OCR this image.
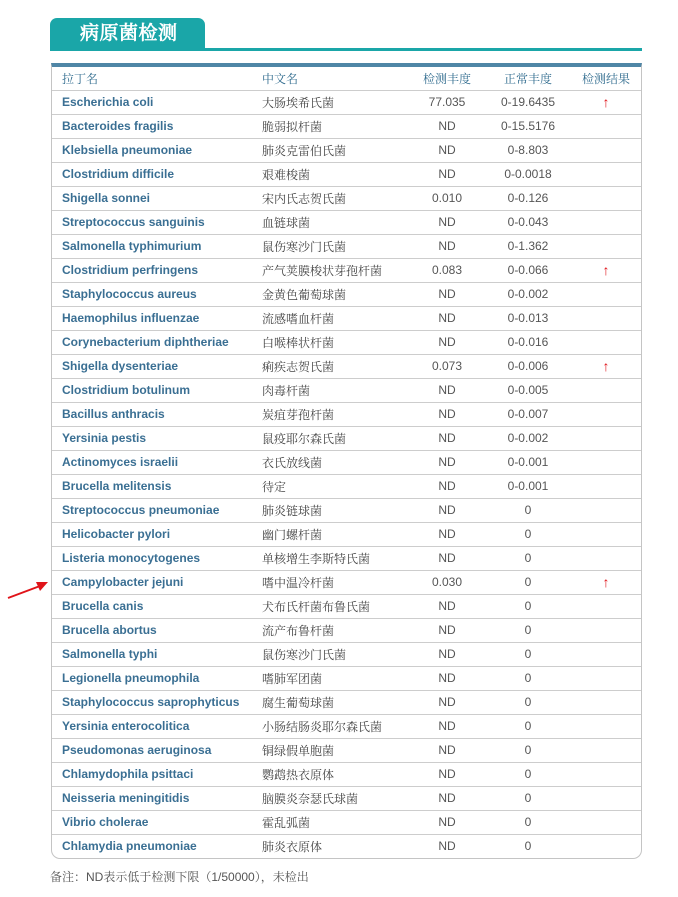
病原菌检测
拉丁名	中文名	检测丰度	正常丰度	检测结果
Escherichia coli	大肠埃希氏菌	77.035	0-19.6435	↑
Bacteroides fragilis	脆弱拟杆菌	ND	0-15.5176	
Klebsiella pneumoniae	肺炎克雷伯氏菌	ND	0-8.803	
Clostridium difficile	艰难梭菌	ND	0-0.0018	
Shigella sonnei	宋内氏志贺氏菌	0.010	0-0.126	
Streptococcus sanguinis	血链球菌	ND	0-0.043	
Salmonella typhimurium	鼠伤寒沙门氏菌	ND	0-1.362	
Clostridium perfringens	产气荚膜梭状芽孢杆菌	0.083	0-0.066	↑
Staphylococcus aureus	金黄色葡萄球菌	ND	0-0.002	
Haemophilus influenzae	流感嗜血杆菌	ND	0-0.013	
Corynebacterium diphtheriae	白喉棒状杆菌	ND	0-0.016	
Shigella dysenteriae	痢疾志贺氏菌	0.073	0-0.006	↑
Clostridium botulinum	肉毒杆菌	ND	0-0.005	
Bacillus anthracis	炭疽芽孢杆菌	ND	0-0.007	
Yersinia pestis	鼠疫耶尔森氏菌	ND	0-0.002	
Actinomyces israelii	衣氏放线菌	ND	0-0.001	
Brucella melitensis	待定	ND	0-0.001	
Streptococcus pneumoniae	肺炎链球菌	ND	0	
Helicobacter pylori	幽门螺杆菌	ND	0	
Listeria monocytogenes	单核增生李斯特氏菌	ND	0	
Campylobacter jejuni	嗜中温冷杆菌	0.030	0	↑
Brucella canis	犬布氏杆菌布鲁氏菌	ND	0	
Brucella abortus	流产布鲁杆菌	ND	0	
Salmonella typhi	鼠伤寒沙门氏菌	ND	0	
Legionella pneumophila	嗜肺军团菌	ND	0	
Staphylococcus saprophyticus	腐生葡萄球菌	ND	0	
Yersinia enterocolitica	小肠结肠炎耶尔森氏菌	ND	0	
Pseudomonas aeruginosa	铜绿假单胞菌	ND	0	
Chlamydophila psittaci	鹦鹉热衣原体	ND	0	
Neisseria meningitidis	脑膜炎奈瑟氏球菌	ND	0	
Vibrio cholerae	霍乱弧菌	ND	0	
Chlamydia pneumoniae	肺炎衣原体	ND	0	
备注：ND表示低于检测下限（1/50000），未检出
